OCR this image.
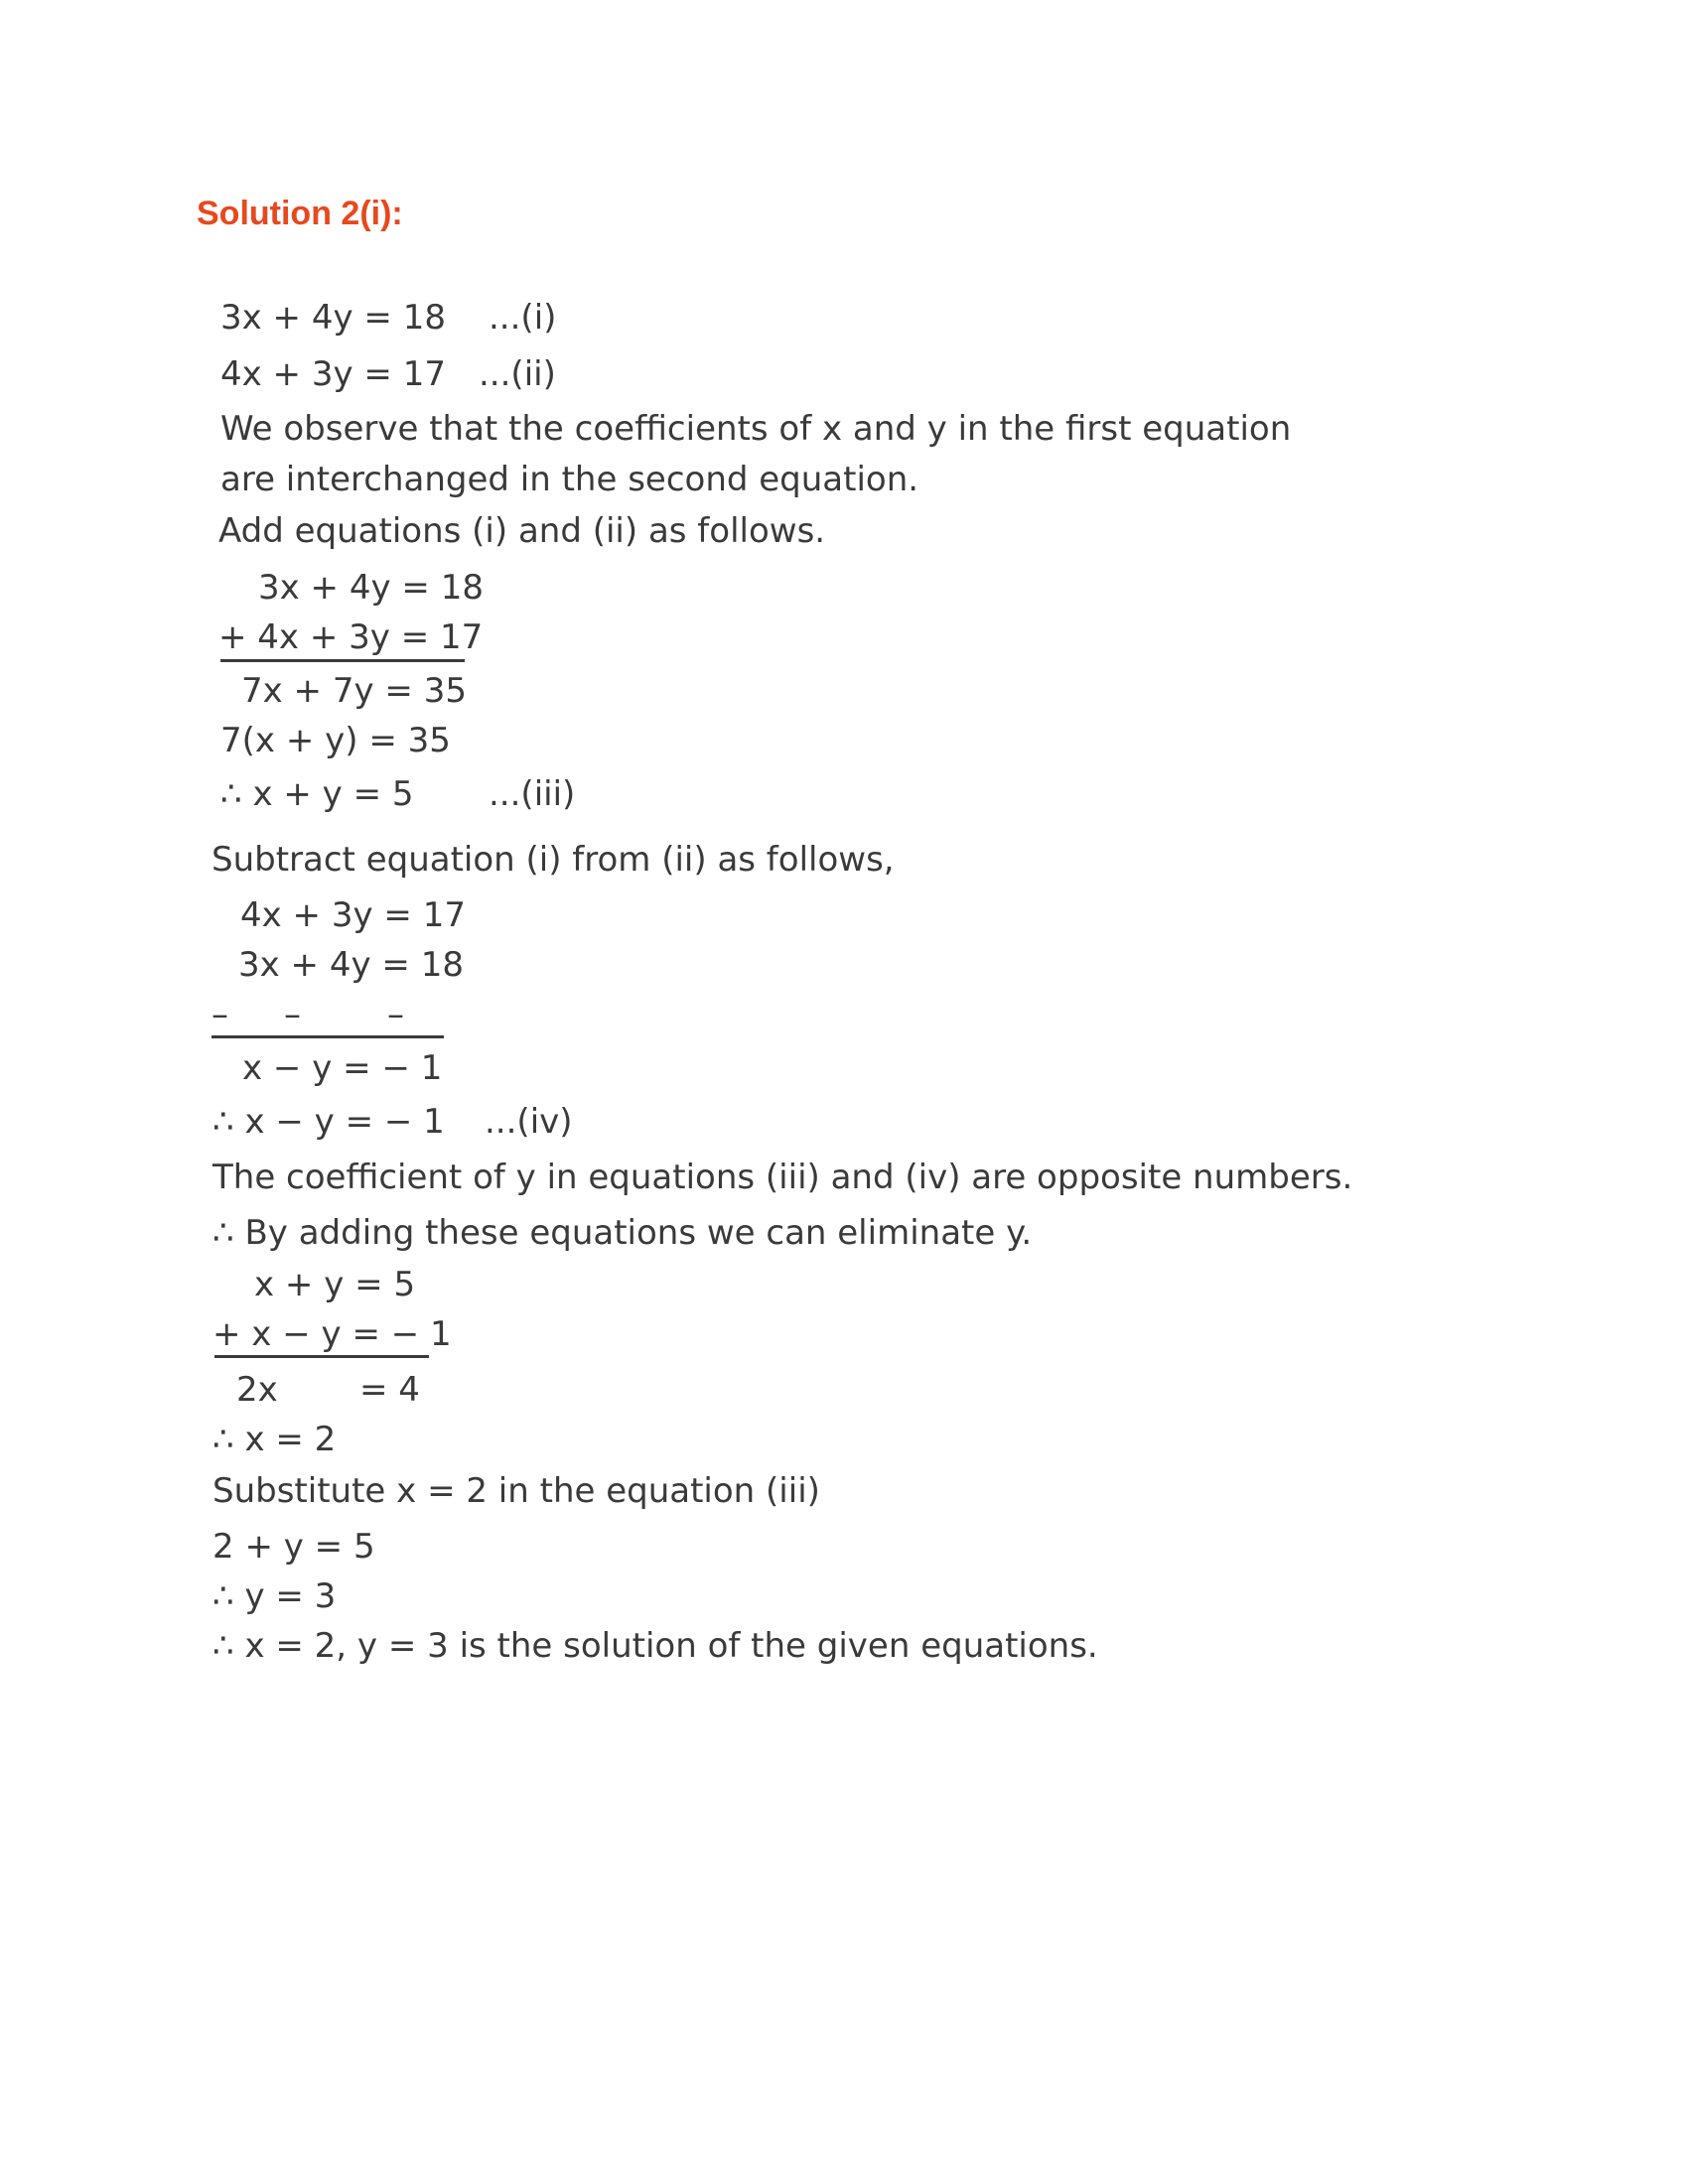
Solution 2(i):
3x + 4y = 18 ...(i)
4x + 3y = 17 ...(ii)
We observe that the coefficients of x and y in the first equation
are interchanged in the second equation.
Add equations (i) and (ii) as follows.
3x + 4y = 18
+ 4x + 3y = 17
7x + 7y = 35
7(x + y) = 35
∴ x + y = 5 ...(iii)
Subtract equation (i) from (ii) as follows,
4x + 3y = 17
3x + 4y = 18
– –	–
x − y = − 1
∴ x − y = − 1 ...(iv)
The coefficient of y in equations (iii) and (iv) are opposite numbers.
∴ By adding these equations we can eliminate y.
x + y = 5
+ x − y = − 1
2x = 4
∴ x = 2
Substitute x = 2 in the equation (iii)
2 + y = 5
∴ y = 3
∴ x = 2, y = 3 is the solution of the given equations.
